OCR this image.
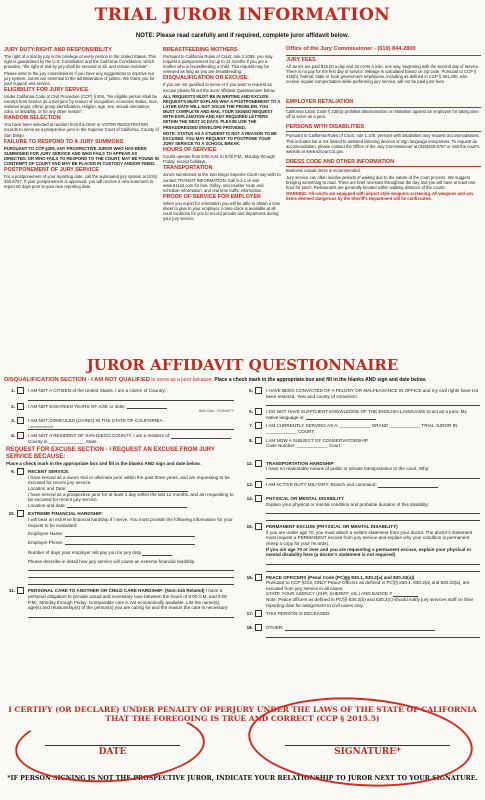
TRIAL JUROR INFORMATION
NOTE: Please read carefully and if required, complete juror affidavit below.
JURY DUTY:RIGHT AND RESPONSIBILITY

The right of a trial by jury is the privilege of every person in the United States. This right is guaranteed by the U.S. Constitution and the California Constitution, which provides, "the right of trial by jury shall be secured to all, and remain inviolate".

Please write to the jury commissioner if you have any suggestions to improve our jury system. Jurors are essential to the administration of justice. We thank you for your support and service.

ELIGIBILITY FOR JURY SERVICE

Under California Code of Civil Procedure (CCP) § 204, "No eligible person shall be exempt from service as a trial juror by reason of occupation, economic status, race, national origin, ethnic group identification, religion, age, sex, sexual orientation, color, or disability, or for any other reason".

RANDOM SELECTION

You have been selected at random from the DMV or VOTER REGISTRATION records to serve as a prospective juror in the Superior Court of California, County of San Diego.

FAILURE TO RESPOND TO A JURY SUMMONS

PURSUANT TO CCP §209, ANY PROSPECTIVE JUROR WHO HAS BEEN SUMMONED FOR JURY SERVICE AND WHO FAILS TO APPEAR AS DIRECTED, OR WHO FAILS TO RESPOND TO THE COURT, MAY BE FOUND IN CONTEMPT OF COURT AND MAY BE PLACED IN CUSTODY AND/OR FINED.

POSTPONEMENT OF JURY SERVICE

For a postponement of your reporting date, call the automated jury system at (619) 450-5757. If your postponement is approved, you will receive a new summons to report 90 days prior to your new reporting date.

BREASTFEEDING MOTHERS

Pursuant to California Rules of Court, rule 2.1006, you may request a postponement for up to 12 months if you are a mother who is breastfeeding a child. This request may be renewed as long as you are breastfeeding.

DISQUALIFICATION OR EXCUSE:

If you are not qualified to serve or if you want to request an excuse please fill out the Juror Affidavit Questionnaire below.

ALL REQUESTS MUST BE IN WRITING AND EXCUSE REQUESTS MUST EXPLAIN WHY A POSTPONEMENT TO A LATER DATE WILL NOT SOLVE THE PROBLEM. YOU MUST COMPLETE AND MAIL YOUR SIGNED REQUEST WITH EXPLANATION AND ANY REQUIRED LETTERS WITHIN THE NEXT 10 DAYS. PLEASE USE THE PREADDRESSED ENVELOPE PROVIDED.

NOTE: STATUS AS A STUDENT IS NOT A REASON TO BE EXCUSED. YOU MAY REQUEST TO POSTPONE YOUR JURY SERVICE TO A SCHOOL BREAK.

HOURS OF SERVICE

Courts operate from 8:00 A.M. to 5:00 P.M., Monday through Friday, except holidays.

TRANSPORTATION

Jurors summoned to the San Diego Superior Court may wish to contact TRANSIT INFORMATION: Call 5-1-1 or visit www.511sd.com for bus, trolley, and coaster route and schedule information, and real time traffic information.

PROOF OF SERVICE FOR EMPLOYER

When you report for orientation you will be able to obtain a time sheet to give to your employer. A time-clock is available at all court locations for you to record arrivals and departures during your jury service.

Office of the Jury Commissioner - (619) 844-2800
JURY FEES

All Jurors are paid $15.00 a day and 34 cents a mile, one way, beginning with the second day of service. There is no pay for the first day of service. Mileage is calculated based on zip code. Pursuant to CCP § 215(b), federal, state or local government employees, including as defined in CCP § 481.200, who receive regular compensation while performing jury service, will not be paid juror fees.

EMPLOYER RETALIATION

California Labor Code § 230(a) prohibits discrimination or retaliation against an employee for taking time off to serve as a juror.

PERSONS WITH DISABILITIES

Pursuant to California Rules of Court, rule 1.100, persons with disabilities may request accommodations. This includes but is not limited to assisted listening devices or sign language interpreters. To request an accommodation, please contact the Office of the Jury Commissioner at (619)450-5757 or visit the court's website at www.sdcourt.ca.gov.

DRESS CODE AND OTHER INFORMATION

Business casual dress is recommended.

Jury service can often involve periods of waiting due to the nature of the court process. We suggest bringing something to read. There are brief recesses throughout the day and you will have at least one hour for lunch. Restaurants are generally located within walking distance of the courts.

WARNING: All courts are equipped with airport style weapons screening. All weapons and any items deemed dangerous by the Sheriff's Department will be confiscated.

JUROR AFFIDAVIT QUESTIONNAIRE
DISQUALIFICATION SECTION - I AM NOT QUALIFIED to serve as a juror because: Place a check mark in the appropriate box and fill in the blanks AND sign and date below.
1.	I AM NOT A CITIZEN of the United States. I am a citizen of Country:
2.	I AM NOT EIGHTEEN YEARS OF AGE or older.
Birth Date - DD/MM/YY
3.	I AM NOT DOMICILED (LIVING) IN THE STATE OF CALIFORNIA.
I am domiciled in
4.	I AM NOT A RESIDENT OF SAN DIEGO COUNTY. I am a resident of:  County in ______________ State.
REQUEST FOR EXCUSE SECTION - I REQUEST AN EXCUSE FROM JURY SERVICE BECAUSE:
Place a check mark in the appropriate box and fill in the blanks AND sign and date below.
9.	RECENT SERVICE:
I have served as a sworn trial or alternate juror within the past three years, and am requesting to be excused for recent jury service.
Location and Date:
I have served as a prospective juror for at least 1 day within the last 12 months, and am requesting to be excused for recent jury service.
Location and date:
10.	EXTREME FINANCIAL HARDSHIP:
I will bear an extreme financial hardship if I serve. You must provide the following information for your request to be evaluated:
Employee Name:
Employer Phone:
Number of days your employer will pay you for jury duty
Please describe in detail how jury service will cause an extreme financial hardship.
11.	PERSONAL CARE TO ANOTHER OR CHILD CARE HARDSHIP: (Non-Job Related) I have a personal obligation to provide actual and necessary care between the hours of 8:00 A.M. and 5:00 P.M., Monday through Friday. Comparable care is not economically available. List the name(s), age(s) and relationship(s) of the person(s) you are caring for and the reason the care is necessary:
5.	I HAVE BEEN CONVICTED OF A FELONY OR MALFEASANCE IN OFFICE and my civil rights have not been restored. Year and county of conviction:
6.	I DO NOT HAVE SUFFICIENT KNOWLEDGE OF THE ENGLISH LANGUAGE to act as a juror. My native language is:
7.	I AM CURRENTLY SERVING AS A: ____________ GRAND ____________ TRIAL JUROR IN ____________ COURT.
8.	I AM NOW A SUBJECT OF CONSERVATORSHIP.
Case Number: ____________ Court
12.	TRANSPORTATION HARDSHIP:
I have no reasonable means of public or private transportation to the court. Why:
13.	I AM ACTIVE DUTY MILITARY. Branch and command:
14.	PHYSICAL OR MENTAL DISABILITY
Explain your physical or mental condition and probable duration of this disability:
15.	PERMANENT EXCUSE (PHYSICAL OR MENTAL DISABILITY)
If you are under age 70, you must attach a written statement from your doctor. The doctor's statement must request a PERMANENT excuse from jury service and explain why your condition is permanent. (Keep a copy for your records).
If you are age 70 or over and you are requesting a permanent excuse, explain your physical or mental disability here (a doctor's statement is not required)
16.	PEACE OFFICERS (Penal Code (PC)§§ 830.1, 830.2(a) and 830.33(a))
Pursuant to CCP §219, ONLY Peace Officers as defined in PC§§ 830.1, 830.2(a) and 830.33(a), are excused from jury service in all cases.
STATE YOUR AGENCY (CHP, SHERIFF, etc.) AND BADGE #
Note: Peace officers as defined in PC§§ 830.2(b) and 830.2(c) should notify jury services staff on their reporting date for assignment to civil cases only.
17.	THIS PERSON IS DECEASED.
18.	OTHER:
I CERTIFY (OR DECLARE) UNDER PENALTY OF PERJURY UNDER THE LAWS OF THE STATE OF CALIFORNIA THAT THE FOREGOING IS TRUE AND CORRECT (CCP § 2015.5)
DATE	SIGNATURE*
*IF PERSON SIGNING IS NOT THE PROSPECTIVE JUROR, INDICATE YOUR RELATIONSHIP TO JUROR NEXT TO YOUR SIGNATURE.
